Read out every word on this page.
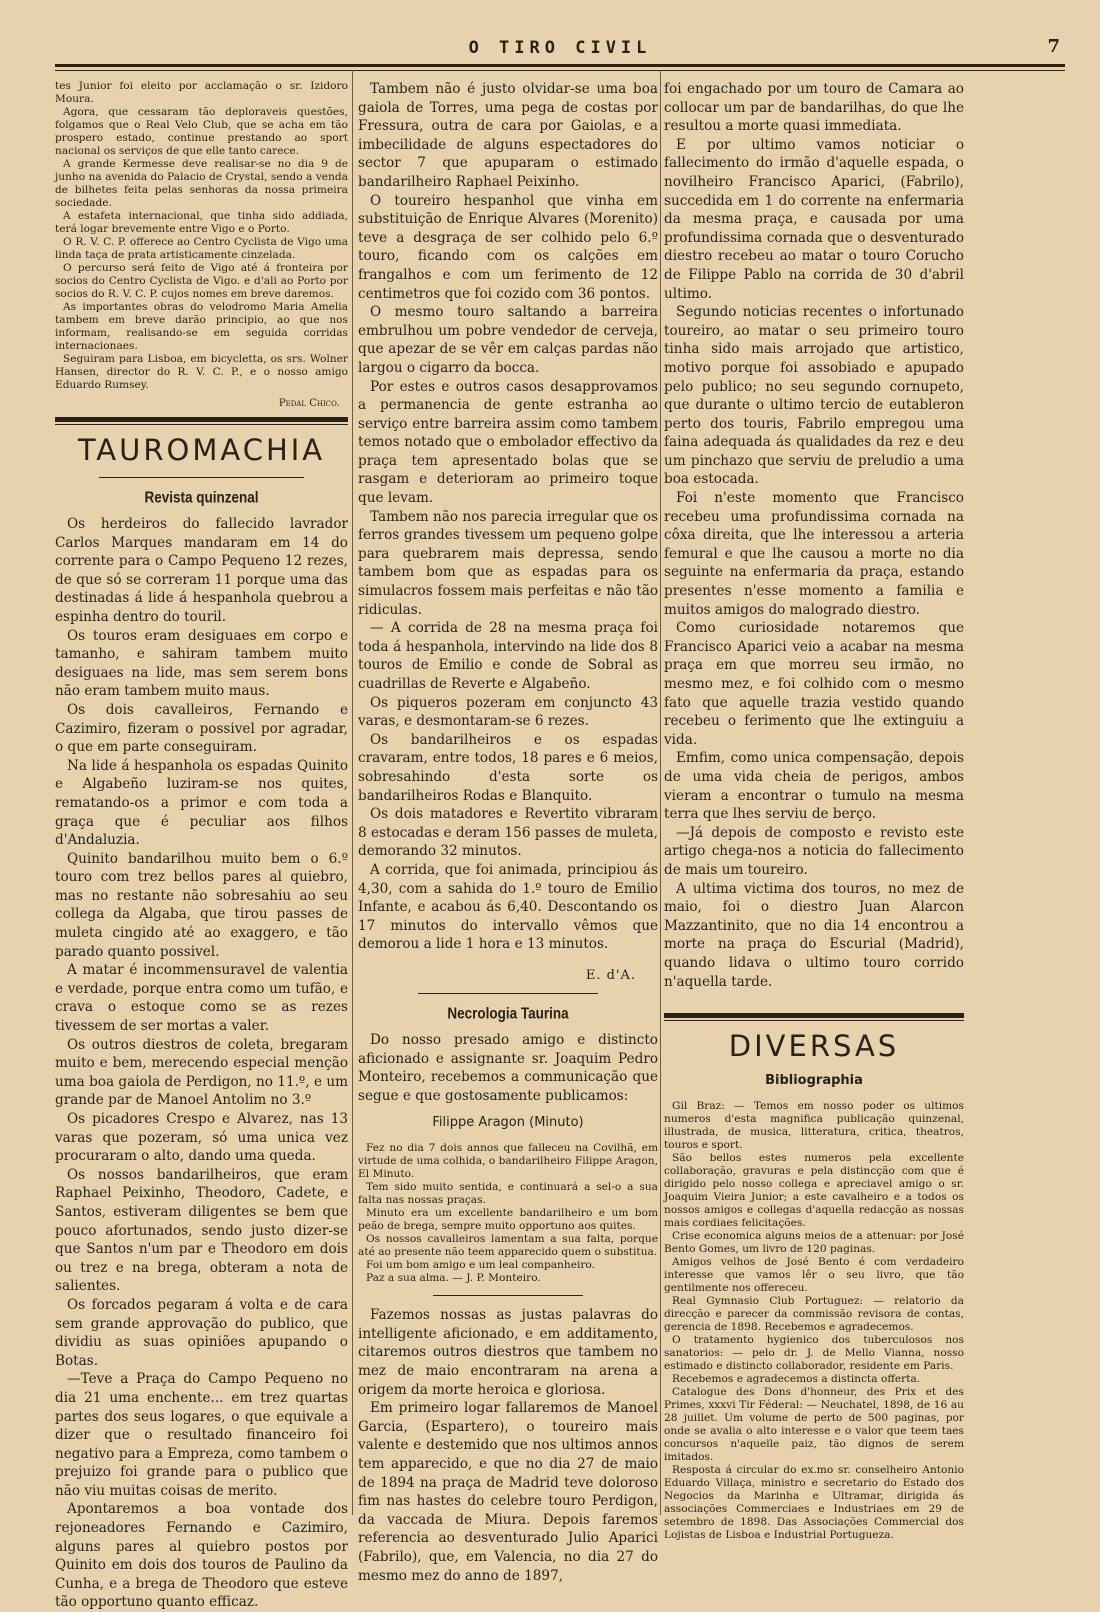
O TIRO CIVIL	7

tes Junior foi eleito por acclamação o sr. Izidoro Moura.

Agora, que cessaram tão deploraveis questões, folgamos que o Real Velo Club, que se acha em tão prospero estado, continue prestando ao sport nacional os serviços de que elle tanto carece.

A grande Kermesse deve realisar-se no dia 9 de junho na avenida do Palacio de Crystal, sendo a venda de bilhetes feita pelas senhoras da nossa primeira sociedade.

A estafeta internacional, que tinha sido addiada, terá logar brevemente entre Vigo e o Porto.

O R. V. C. P. offerece ao Centro Cyclista de Vigo uma linda taça de prata artisticamente cinzelada.

O percurso será feito de Vigo até á fronteira por socios do Centro Cyclista de Vigo. e d'ali ao Porto por socios do R. V. C. P. cujos nomes em breve daremos.

As importantes obras do velodromo Maria Amelia tambem em breve darão principio, ao que nos informam, realisando-se em seguida corridas internacionaes.

Seguiram para Lisboa, em bicycletta, os srs. Wolner Hansen, director do R. V. C. P., e o nosso amigo Eduardo Rumsey.

Pedal Chico.
TAUROMACHIA
Revista quinzenal

Os herdeiros do fallecido lavrador Carlos Marques mandaram em 14 do corrente para o Campo Pequeno 12 rezes, de que só se correram 11 porque uma das destinadas á lide á hespanhola quebrou a espinha dentro do touril.

Os touros eram desiguaes em corpo e tamanho, e sahiram tambem muito desiguaes na lide, mas sem serem bons não eram tambem muito maus.

Os dois cavalleiros, Fernando e Cazimiro, fizeram o possivel por agradar, o que em parte conseguiram.

Na lide á hespanhola os espadas Quinito e Algabeño luziram-se nos quites, rematando-os a primor e com toda a graça que é peculiar aos filhos d'Andaluzia.

Quinito bandarilhou muito bem o 6.º touro com trez bellos pares al quiebro, mas no restante não sobresahiu ao seu collega da Algaba, que tirou passes de muleta cingido até ao exaggero, e tão parado quanto possivel.

A matar é incommensuravel de valentia e verdade, porque entra como um tufão, e crava o estoque como se as rezes tivessem de ser mortas a valer.

Os outros diestros de coleta, bregaram muito e bem, merecendo especial menção uma boa gaiola de Perdigon, no 11.º, e um grande par de Manoel Antolim no 3.º

Os picadores Crespo e Alvarez, nas 13 varas que pozeram, só uma unica vez procuraram o alto, dando uma queda.

Os nossos bandarilheiros, que eram Raphael Peixinho, Theodoro, Cadete, e Santos, estiveram diligentes se bem que pouco afortunados, sendo justo dizer-se que Santos n'um par e Theodoro em dois ou trez e na brega, obteram a nota de salientes.

Os forcados pegaram á volta e de cara sem grande approvação do publico, que dividiu as suas opiniões apupando o Botas.

—Teve a Praça do Campo Pequeno no dia 21 uma enchente... em trez quartas partes dos seus logares, o que equivale a dizer que o resultado financeiro foi negativo para a Empreza, como tambem o prejuizo foi grande para o publico que não viu muitas coisas de merito.

Apontaremos a boa vontade dos rejoneadores Fernando e Cazimiro, alguns pares al quiebro postos por Quinito em dois dos touros de Paulino da Cunha, e a brega de Theodoro que esteve tão opportuno quanto efficaz.

Tambem não é justo olvidar-se uma boa gaiola de Torres, uma pega de costas por Fressura, outra de cara por Gaiolas, e a imbecilidade de alguns espectadores do sector 7 que apuparam o estimado bandarilheiro Raphael Peixinho.

O toureiro hespanhol que vinha em substituição de Enrique Alvares (Morenito) teve a desgraça de ser colhido pelo 6.º touro, ficando com os calções em frangalhos e com um ferimento de 12 centimetros que foi cozido com 36 pontos.

O mesmo touro saltando a barreira embrulhou um pobre vendedor de cerveja, que apezar de se vêr em calças pardas não largou o cigarro da bocca.

Por estes e outros casos desapprovamos a permanencia de gente estranha ao serviço entre barreira assim como tambem temos notado que o embolador effectivo da praça tem apresentado bolas que se rasgam e deterioram ao primeiro toque que levam.

Tambem não nos parecia irregular que os ferros grandes tivessem um pequeno golpe para quebrarem mais depressa, sendo tambem bom que as espadas para os simulacros fossem mais perfeitas e não tão ridiculas.

— A corrida de 28 na mesma praça foi toda á hespanhola, intervindo na lide dos 8 touros de Emilio e conde de Sobral as cuadrillas de Reverte e Algabeño.

Os piqueros pozeram em conjuncto 43 varas, e desmontaram-se 6 rezes.

Os bandarilheiros e os espadas cravaram, entre todos, 18 pares e 6 meios, sobresahindo d'esta sorte os bandarilheiros Rodas e Blanquito.

Os dois matadores e Revertito vibraram 8 estocadas e deram 156 passes de muleta, demorando 32 minutos.

A corrida, que foi animada, principiou ás 4,30, com a sahida do 1.º touro de Emilio Infante, e acabou ás 6,40. Descontando os 17 minutos do intervallo vêmos que demorou a lide 1 hora e 13 minutos.

E. d'A.
Necrologia Taurina

Do nosso presado amigo e distincto aficionado e assignante sr. Joaquim Pedro Monteiro, recebemos a communicação que segue e que gostosamente publicamos:

Filippe Aragon (Minuto)

Fez no dia 7 dois annos que falleceu na Covilhã, em virtude de uma colhida, o bandarilheiro Filippe Aragon, El Minuto.

Tem sido muito sentida, e continuará a sel-o a sua falta nas nossas praças.

Minuto era um excellente bandarilheiro e um bom peão de brega, sempre muito opportuno aos quites.

Os nossos cavalleiros lamentam a sua falta, porque até ao presente não teem apparecido quem o substitua.

Foi um bom amigo e um leal companheiro.

Paz a sua alma. — J. P. Monteiro.

Fazemos nossas as justas palavras do intelligente aficionado, e em additamento, citaremos outros diestros que tambem no mez de maio encontraram na arena a origem da morte heroica e gloriosa.

Em primeiro logar fallaremos de Manoel Garcia, (Espartero), o toureiro mais valente e destemido que nos ultimos annos tem apparecido, e que no dia 27 de maio de 1894 na praça de Madrid teve doloroso fim nas hastes do celebre touro Perdigon, da vaccada de Miura. Depois faremos referencia ao desventurado Julio Aparici (Fabrilo), que, em Valencia, no dia 27 do mesmo mez do anno de 1897,

foi engachado por um touro de Camara ao collocar um par de bandarilhas, do que lhe resultou a morte quasi immediata.

E por ultimo vamos noticiar o fallecimento do irmão d'aquelle espada, o novilheiro Francisco Aparici, (Fabrilo), succedida em 1 do corrente na enfermaria da mesma praça, e causada por uma profundissima cornada que o desventurado diestro recebeu ao matar o touro Corucho de Filippe Pablo na corrida de 30 d'abril ultimo.

Segundo noticias recentes o infortunado toureiro, ao matar o seu primeiro touro tinha sido mais arrojado que artistico, motivo porque foi assobiado e apupado pelo publico; no seu segundo cornupeto, que durante o ultimo tercio de eutableron perto dos touris, Fabrilo empregou uma faina adequada ás qualidades da rez e deu um pinchazo que serviu de preludio a uma boa estocada.

Foi n'este momento que Francisco recebeu uma profundissima cornada na côxa direita, que lhe interessou a arteria femural e que lhe causou a morte no dia seguinte na enfermaria da praça, estando presentes n'esse momento a familia e muitos amigos do malogrado diestro.

Como curiosidade notaremos que Francisco Aparici veio a acabar na mesma praça em que morreu seu irmão, no mesmo mez, e foi colhido com o mesmo fato que aquelle trazia vestido quando recebeu o ferimento que lhe extinguiu a vida.

Emfim, como unica compensação, depois de uma vida cheia de perigos, ambos vieram a encontrar o tumulo na mesma terra que lhes serviu de berço.

—Já depois de composto e revisto este artigo chega-nos a noticia do fallecimento de mais um toureiro.

A ultima victima dos touros, no mez de maio, foi o diestro Juan Alarcon Mazzantinito, que no dia 14 encontrou a morte na praça do Escurial (Madrid), quando lidava o ultimo touro corrido n'aquella tarde.

DIVERSAS
Bibliographia

Gil Braz: — Temos em nosso poder os ultimos numeros d'esta magnifica publicação quinzenal, illustrada, de musica, litteratura, critica, theatros, touros e sport.

São bellos estes numeros pela excellente collaboração, gravuras e pela distincção com que é dirigido pelo nosso collega e apreciavel amigo o sr. Joaquim Vieira Junior; a este cavalheiro e a todos os nossos amigos e collegas d'aquella redacção as nossas mais cordiaes felicitações.

Crise economica alguns meios de a attenuar: por José Bento Gomes, um livro de 120 paginas.

Amigos velhos de José Bento é com verdadeiro interesse que vamos lêr o seu livro, que tão gentilmente nos offereceu.

Real Gymnasio Club Portuguez: — relatorio da direcção e parecer da commissão revisora de contas, gerencia de 1898. Recebemos e agradecemos.

O tratamento hygienico dos tuberculosos nos sanatorios: — pelo dr. J. de Mello Vianna, nosso estimado e distincto collaborador, residente em Paris.

Recebemos e agradecemos a distincta offerta.

Catalogue des Dons d'honneur, des Prix et des Primes, xxxvi Tir Féderal: — Neuchatel, 1898, de 16 au 28 juillet. Um volume de perto de 500 paginas, por onde se avalia o alto interesse e o valor que teem taes concursos n'aquelle paiz, tão dignos de serem imitados.

Resposta á circular do ex.mo sr. conselheiro Antonio Eduardo Villaça, ministro e secretario do Estado dos Negocios da Marinha e Ultramar, dirigida ás associações Commerciaes e Industriaes em 29 de setembro de 1898. Das Associações Commercial dos Lojistas de Lisboa e Industrial Portugueza.
